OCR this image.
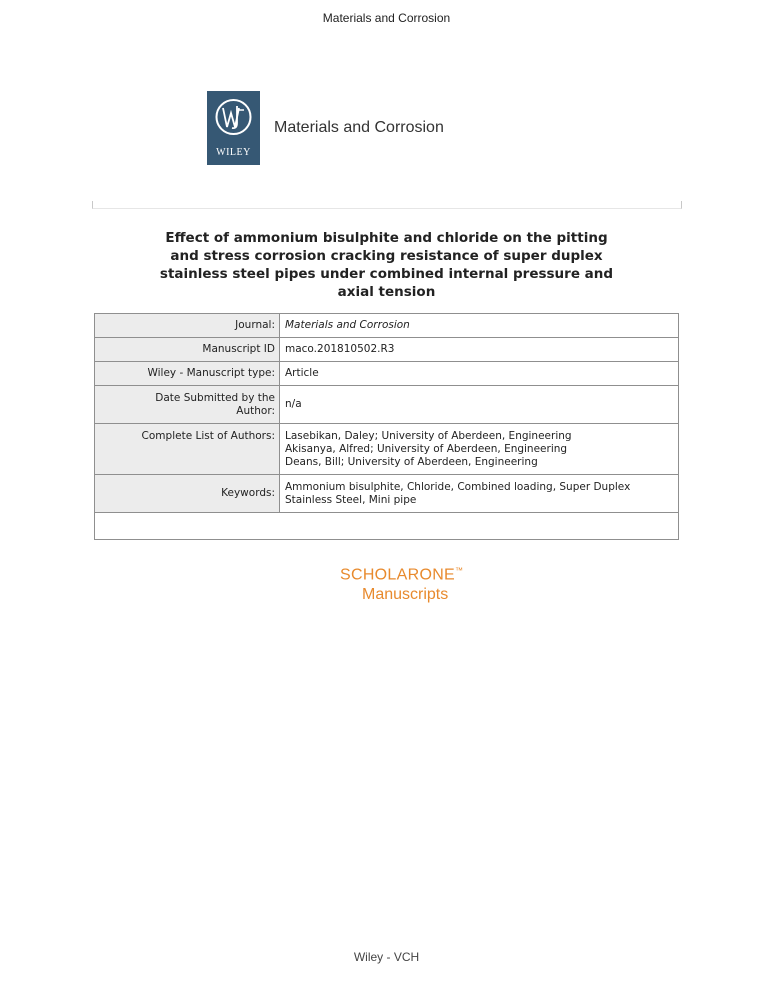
Materials and Corrosion
WILEY
Materials and Corrosion
Effect of ammonium bisulphite and chloride on the pitting
and stress corrosion cracking resistance of super duplex
stainless steel pipes under combined internal pressure and
axial tension
Journal:	Materials and Corrosion
Manuscript ID	maco.201810502.R3
Wiley - Manuscript type:	Article

Date Submitted by the
Author:	n/a
Complete List of Authors:	Lasebikan, Daley; University of Aberdeen, Engineering
Akisanya, Alfred; University of Aberdeen, Engineering
Deans, Bill; University of Aberdeen, Engineering

Keywords:	Ammonium bisulphite, Chloride, Combined loading, Super Duplex
Stainless Steel, Mini pipe

SCHOLARONE™
Manuscripts
Wiley - VCH
